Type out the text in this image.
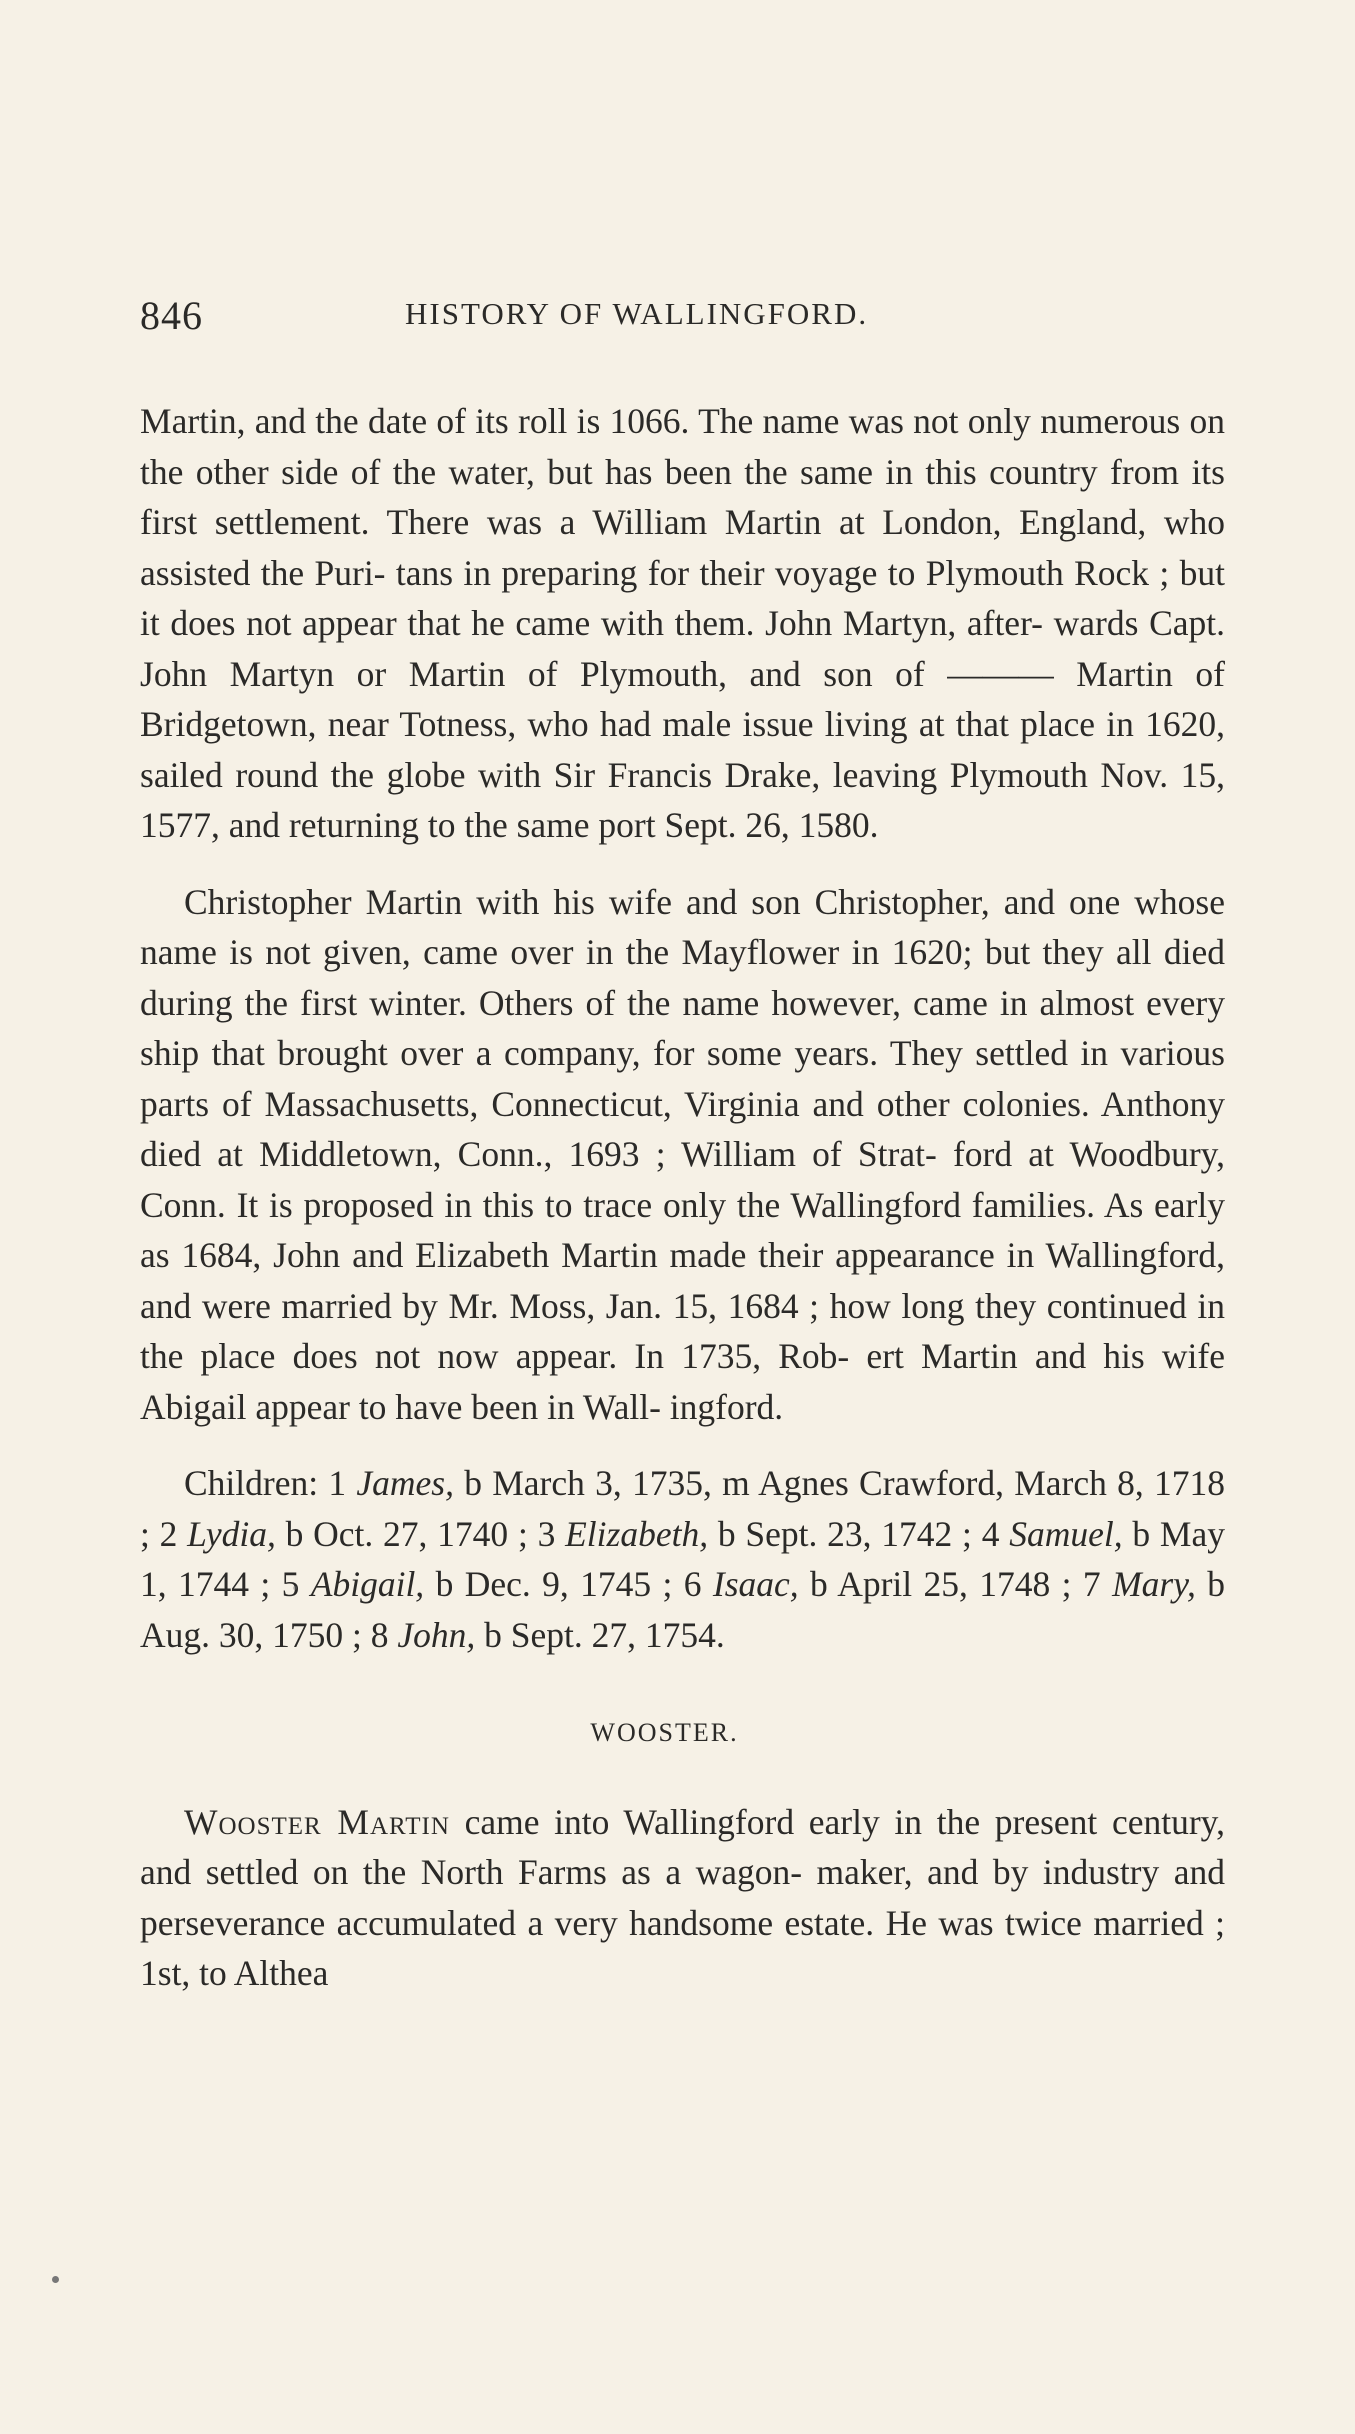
846	HISTORY OF WALLINGFORD.

Martin, and the date of its roll is 1066. The name was not only numerous on the other side of the water, but has been the same in this country from its first settlement. There was a William Martin at London, England, who assisted the Puri- tans in preparing for their voyage to Plymouth Rock ; but it does not appear that he came with them. John Martyn, after- wards Capt. John Martyn or Martin of Plymouth, and son of ——— Martin of Bridgetown, near Totness, who had male issue living at that place in 1620, sailed round the globe with Sir Francis Drake, leaving Plymouth Nov. 15, 1577, and returning to the same port Sept. 26, 1580.

Christopher Martin with his wife and son Christopher, and one whose name is not given, came over in the Mayflower in 1620; but they all died during the first winter. Others of the name however, came in almost every ship that brought over a company, for some years. They settled in various parts of Massachusetts, Connecticut, Virginia and other colonies. Anthony died at Middletown, Conn., 1693 ; William of Strat- ford at Woodbury, Conn. It is proposed in this to trace only the Wallingford families. As early as 1684, John and Elizabeth Martin made their appearance in Wallingford, and were married by Mr. Moss, Jan. 15, 1684 ; how long they continued in the place does not now appear. In 1735, Rob- ert Martin and his wife Abigail appear to have been in Wall- ingford.

Children: 1 James, b March 3, 1735, m Agnes Crawford, March 8, 1718 ; 2 Lydia, b Oct. 27, 1740 ; 3 Elizabeth, b Sept. 23, 1742 ; 4 Samuel, b May 1, 1744 ; 5 Abigail, b Dec. 9, 1745 ; 6 Isaac, b April 25, 1748 ; 7 Mary, b Aug. 30, 1750 ; 8 John, b Sept. 27, 1754.

WOOSTER.

Wooster Martin came into Wallingford early in the present century, and settled on the North Farms as a wagon- maker, and by industry and perseverance accumulated a very handsome estate. He was twice married ; 1st, to Althea
